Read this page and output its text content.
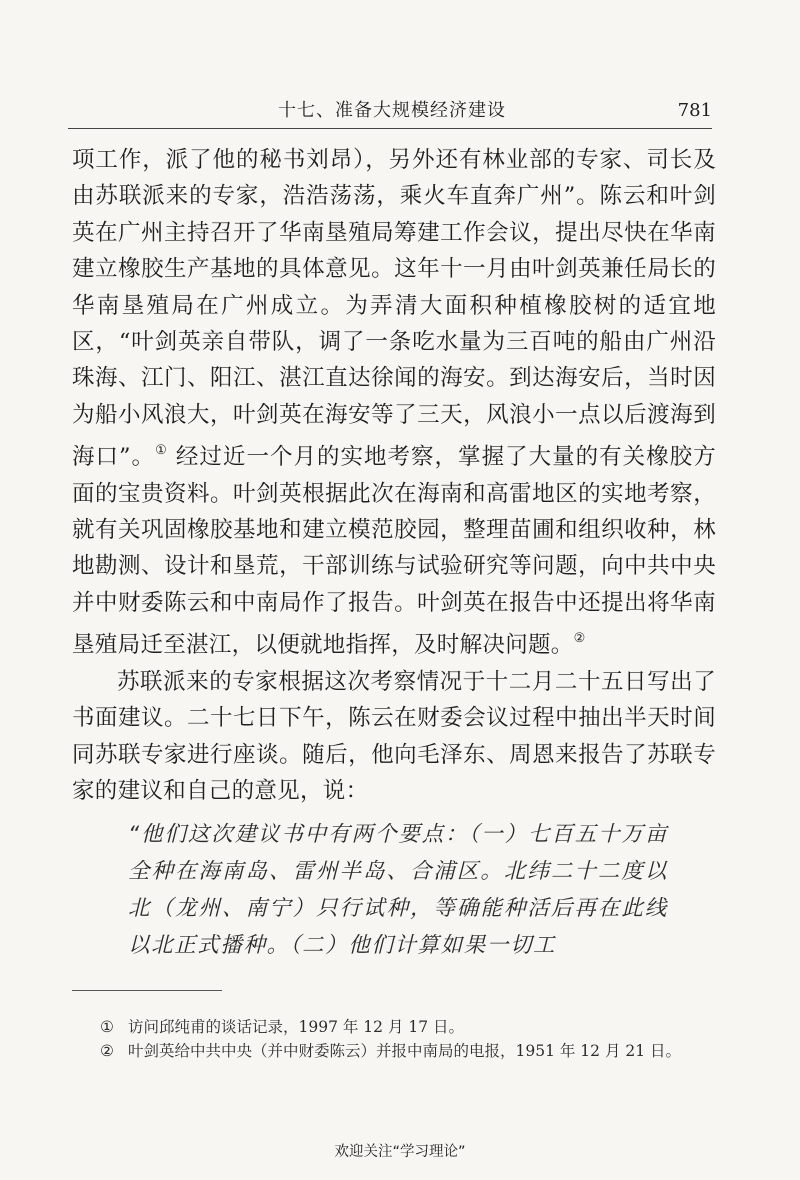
十七、准备大规模经济建设	781

项工作，派了他的秘书刘昂），另外还有林业部的专家、司长及由苏联派来的专家，浩浩荡荡，乘火车直奔广州”。陈云和叶剑英在广州主持召开了华南垦殖局筹建工作会议，提出尽快在华南建立橡胶生产基地的具体意见。这年十一月由叶剑英兼任局长的华南垦殖局在广州成立。为弄清大面积种植橡胶树的适宜地区，“叶剑英亲自带队，调了一条吃水量为三百吨的船由广州沿珠海、江门、阳江、湛江直达徐闻的海安。到达海安后，当时因为船小风浪大，叶剑英在海安等了三天，风浪小一点以后渡海到海口”。① 经过近一个月的实地考察，掌握了大量的有关橡胶方面的宝贵资料。叶剑英根据此次在海南和高雷地区的实地考察，就有关巩固橡胶基地和建立模范胶园，整理苗圃和组织收种，林地勘测、设计和垦荒，干部训练与试验研究等问题，向中共中央并中财委陈云和中南局作了报告。叶剑英在报告中还提出将华南垦殖局迁至湛江，以便就地指挥，及时解决问题。②

苏联派来的专家根据这次考察情况于十二月二十五日写出了书面建议。二十七日下午，陈云在财委会议过程中抽出半天时间同苏联专家进行座谈。随后，他向毛泽东、周恩来报告了苏联专家的建议和自己的意见，说：

“他们这次建议书中有两个要点：（一）七百五十万亩全种在海南岛、雷州半岛、合浦区。北纬二十二度以北（龙州、南宁）只行试种，等确能种活后再在此线以北正式播种。（二）他们计算如果一切工

① 访问邱纯甫的谈话记录，1997 年 12 月 17 日。

② 叶剑英给中共中央（并中财委陈云）并报中南局的电报，1951 年 12 月 21 日。

欢迎关注“学习理论”
